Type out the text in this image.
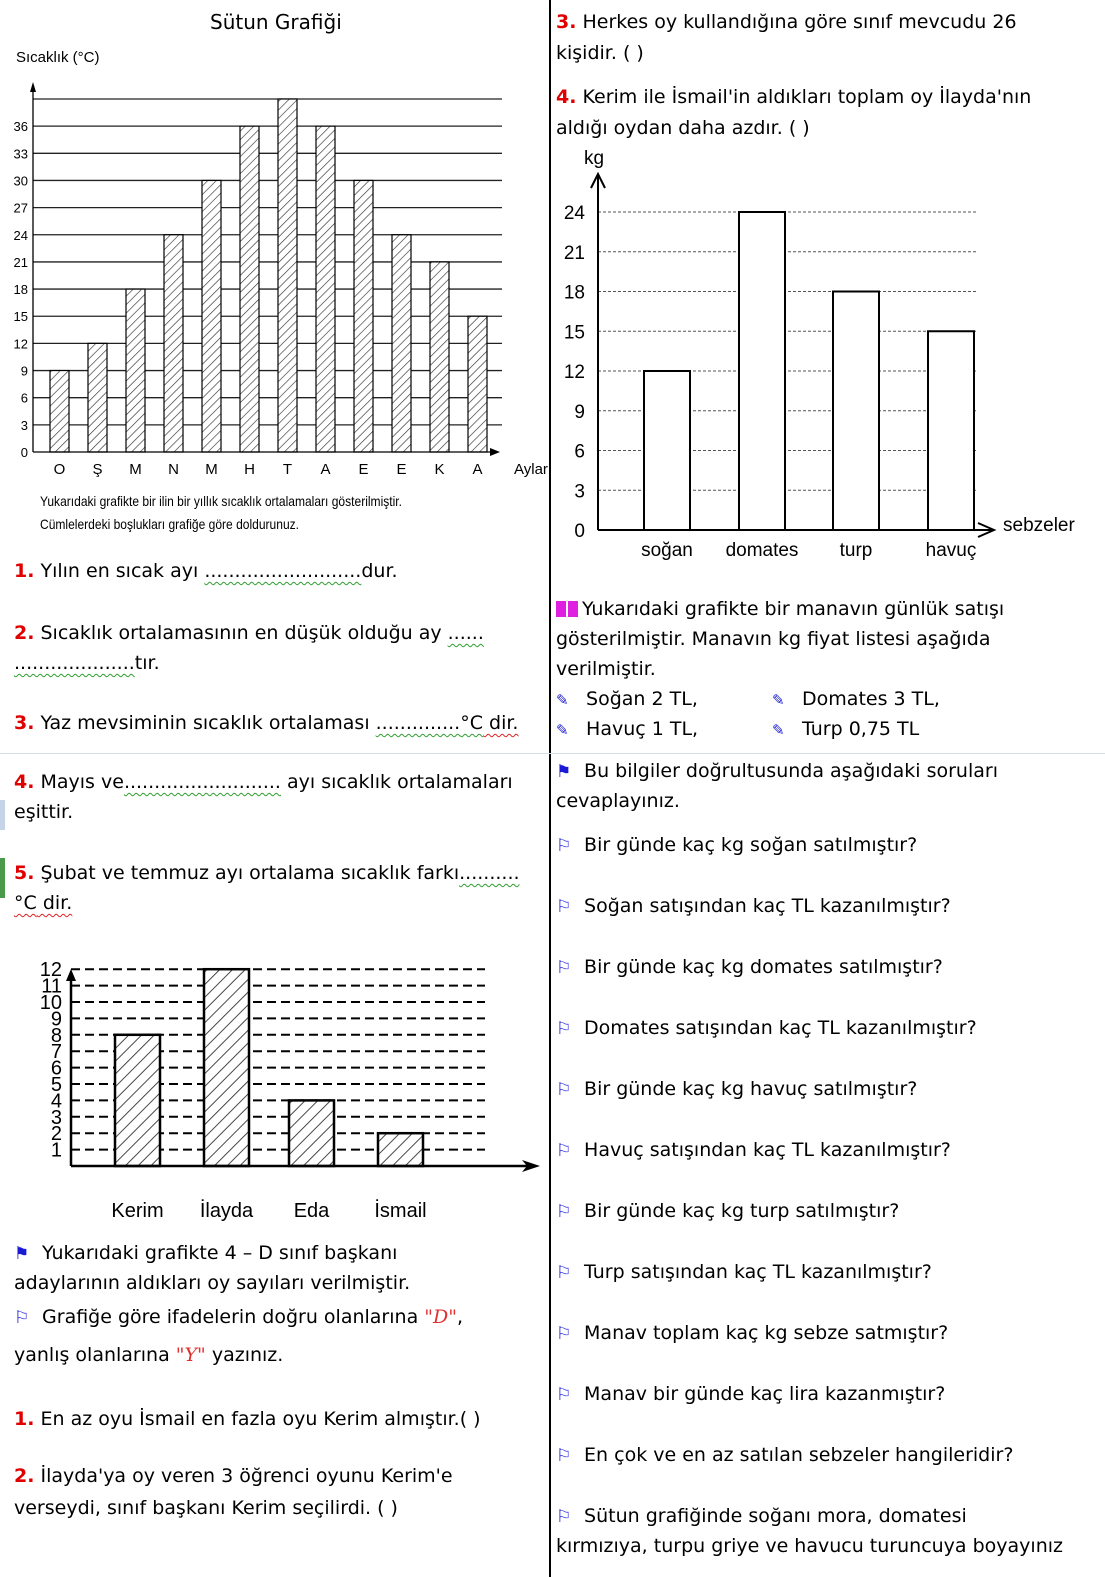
Sütun Grafiği
Sıcaklık (°C)
0
3
6
9
12
15
18
21
24
27
30
33
36
O Ş M N M H T A E E K A Aylar
Yukarıdaki grafikte bir ilin bir yıllık sıcaklık ortalamaları gösterilmiştir.
Cümlelerdeki boşlukları grafiğe göre doldurunuz.
1. Yılın en sıcak ayı ..........................dur.
2. Sıcaklık ortalamasının en düşük olduğu ay ......
....................tır.
3. Yaz mevsiminin sıcaklık ortalaması ..............°C dir.
4. Mayıs ve.......................... ayı sıcaklık ortalamaları
eşittir.
5. Şubat ve temmuz ayı ortalama sıcaklık farkı..........
°C dir.
1
2
3
4
5
6
7
8
9
10
11
12
Kerim İlayda Eda İsmail
⚑ Yukarıdaki grafikte 4 – D sınıf başkanı
adaylarının aldıkları oy sayıları verilmiştir.
⚐ Grafiğe göre ifadelerin doğru olanlarına "D",
yanlış olanlarına "Y" yazınız.
1. En az oyu İsmail en fazla oyu Kerim almıştır.( )
2. İlayda'ya oy veren 3 öğrenci oyunu Kerim'e
verseydi, sınıf başkanı Kerim seçilirdi. ( )
3. Herkes oy kullandığına göre sınıf mevcudu 26
kişidir. ( )
4. Kerim ile İsmail'in aldıkları toplam oy İlayda'nın
aldığı oydan daha azdır. ( )
kg
0
3
6
9
12
15
18
21
24
sebzeler
soğan domates turp	havuç
Yukarıdaki grafikte bir manavın günlük satışı
gösterilmiştir. Manavın kg fiyat listesi aşağıda
verilmiştir.
✎ Soğan 2 TL,	✎ Domates 3 TL,
✎ Havuç 1 TL,	✎ Turp 0,75 TL
⚑ Bu bilgiler doğrultusunda aşağıdaki soruları
cevaplayınız.
⚐ Bir günde kaç kg soğan satılmıştır?
⚐ Soğan satışından kaç TL kazanılmıştır?
⚐ Bir günde kaç kg domates satılmıştır?
⚐ Domates satışından kaç TL kazanılmıştır?
⚐ Bir günde kaç kg havuç satılmıştır?
⚐ Havuç satışından kaç TL kazanılmıştır?
⚐ Bir günde kaç kg turp satılmıştır?
⚐ Turp satışından kaç TL kazanılmıştır?
⚐ Manav toplam kaç kg sebze satmıştır?
⚐ Manav bir günde kaç lira kazanmıştır?
⚐ En çok ve en az satılan sebzeler hangileridir?
⚐ Sütun grafiğinde soğanı mora, domatesi
kırmızıya, turpu griye ve havucu turuncuya boyayınız
